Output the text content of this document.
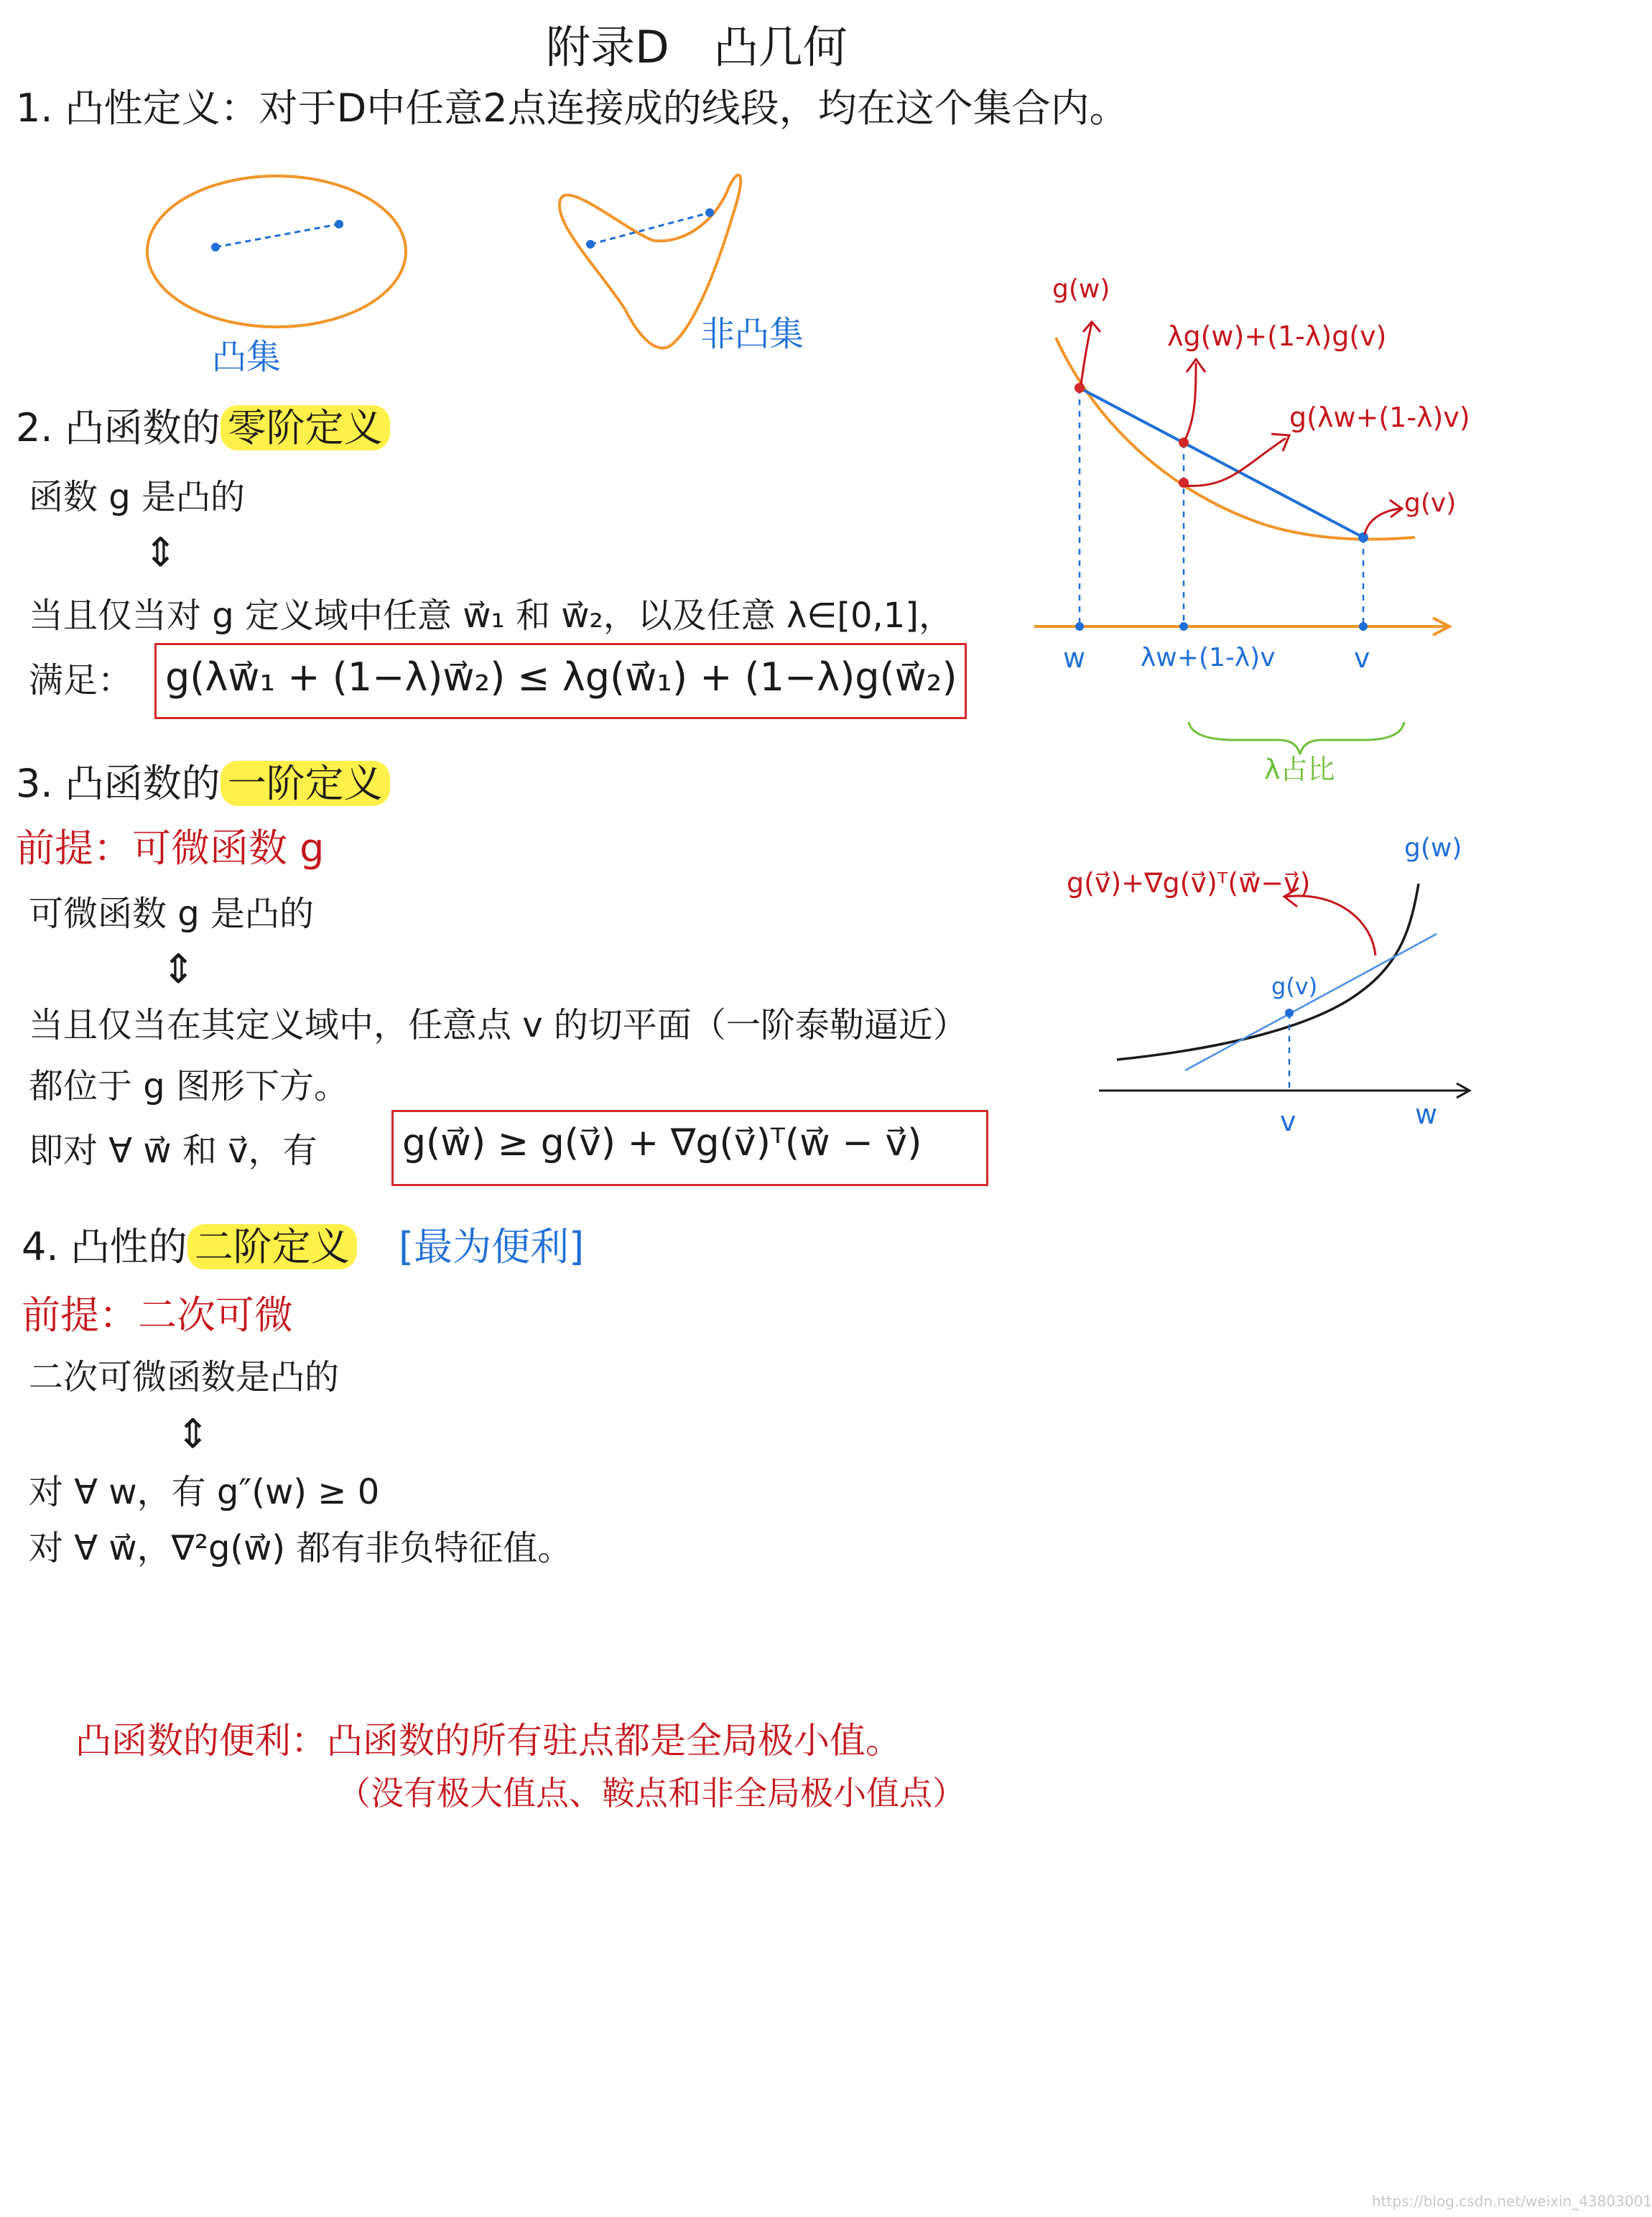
附录D　凸几何
1. 凸性定义：对于D中任意2点连接成的线段，均在这个集合内。
凸集
非凸集
2. 凸函数的 零阶定义
函数 g 是凸的
⇕
当且仅当对 g 定义域中任意 w⃗₁ 和 w⃗₂，以及任意 λ∈[0,1]，
满足： g(λw⃗₁ + (1−λ)w⃗₂) ≤ λg(w⃗₁) + (1−λ)g(w⃗₂)
g(w)
λg(w)+(1-λ)g(v)
g(λw+(1-λ)v)
g(v)
w λw+(1-λ)v	v
λ占比
3. 凸函数的 一阶定义
前提：可微函数 g
可微函数 g 是凸的
⇕
当且仅当在其定义域中，任意点 v 的切平面（一阶泰勒逼近）
都位于 g 图形下方。
即对 ∀ w⃗ 和 v⃗，有 g(w⃗) ≥ g(v⃗) + ∇g(v⃗)ᵀ(w⃗ − v⃗)
g(v⃗)+∇g(v⃗)ᵀ(w⃗−v⃗)
g(w)
g(v)
v	w
4. 凸性的 二阶定义 [最为便利]
前提：二次可微
二次可微函数是凸的
⇕
对 ∀ w，有 g″(w) ≥ 0
对 ∀ w⃗，∇²g(w⃗) 都有非负特征值。
凸函数的便利：凸函数的所有驻点都是全局极小值。
（没有极大值点、鞍点和非全局极小值点）
https://blog.csdn.net/weixin_43803001
